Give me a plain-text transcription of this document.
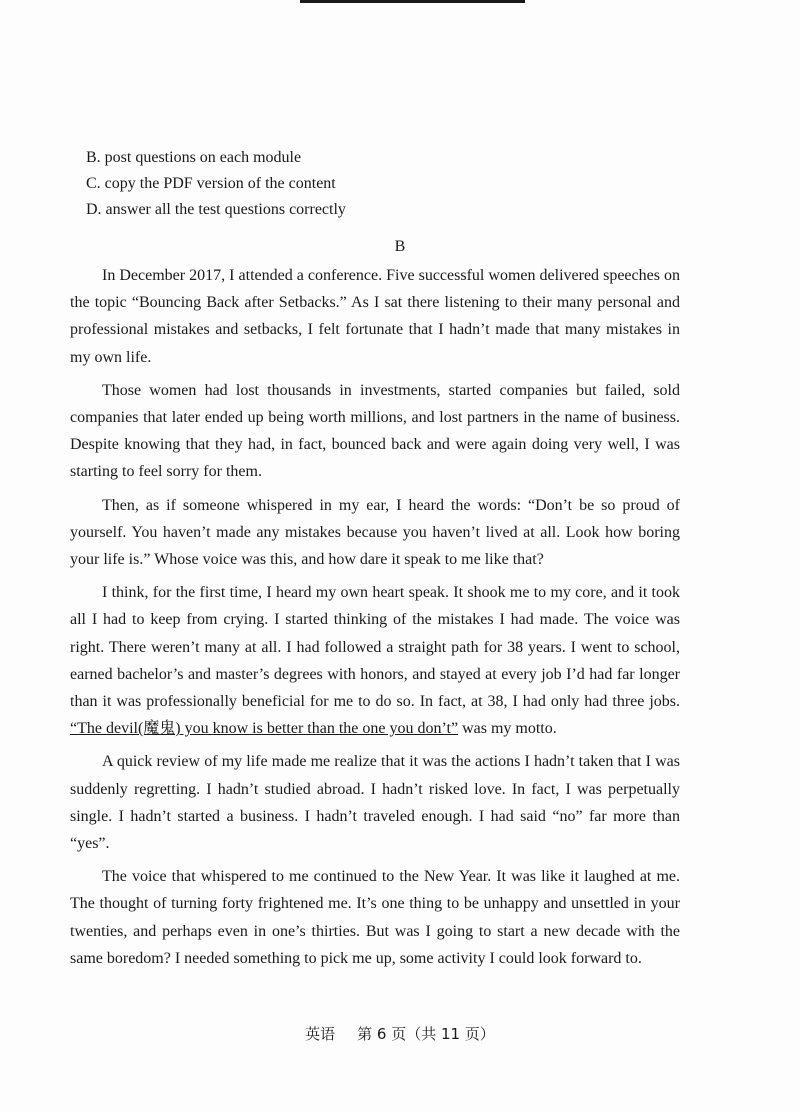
B. post questions on each module
C. copy the PDF version of the content
D. answer all the test questions correctly
B

In December 2017, I attended a conference. Five successful women delivered speeches on the topic “Bouncing Back after Setbacks.” As I sat there listening to their many personal and professional mistakes and setbacks, I felt fortunate that I hadn’t made that many mistakes in my own life.

Those women had lost thousands in investments, started companies but failed, sold companies that later ended up being worth millions, and lost partners in the name of business. Despite knowing that they had, in fact, bounced back and were again doing very well, I was starting to feel sorry for them.

Then, as if someone whispered in my ear, I heard the words: “Don’t be so proud of yourself. You haven’t made any mistakes because you haven’t lived at all. Look how boring your life is.” Whose voice was this, and how dare it speak to me like that?

I think, for the first time, I heard my own heart speak. It shook me to my core, and it took all I had to keep from crying. I started thinking of the mistakes I had made. The voice was right. There weren’t many at all. I had followed a straight path for 38 years. I went to school, earned bachelor’s and master’s degrees with honors, and stayed at every job I’d had far longer than it was professionally beneficial for me to do so. In fact, at 38, I had only had three jobs. “The devil(魔鬼) you know is better than the one you don’t” was my motto.

A quick review of my life made me realize that it was the actions I hadn’t taken that I was suddenly regretting. I hadn’t studied abroad. I hadn’t risked love. In fact, I was perpetually single. I hadn’t started a business. I hadn’t traveled enough. I had said “no” far more than “yes”.

The voice that whispered to me continued to the New Year. It was like it laughed at me. The thought of turning forty frightened me. It’s one thing to be unhappy and unsettled in your twenties, and perhaps even in one’s thirties. But was I going to start a new decade with the same boredom? I needed something to pick me up, some activity I could look forward to.

英语 第 6 页（共 11 页）
